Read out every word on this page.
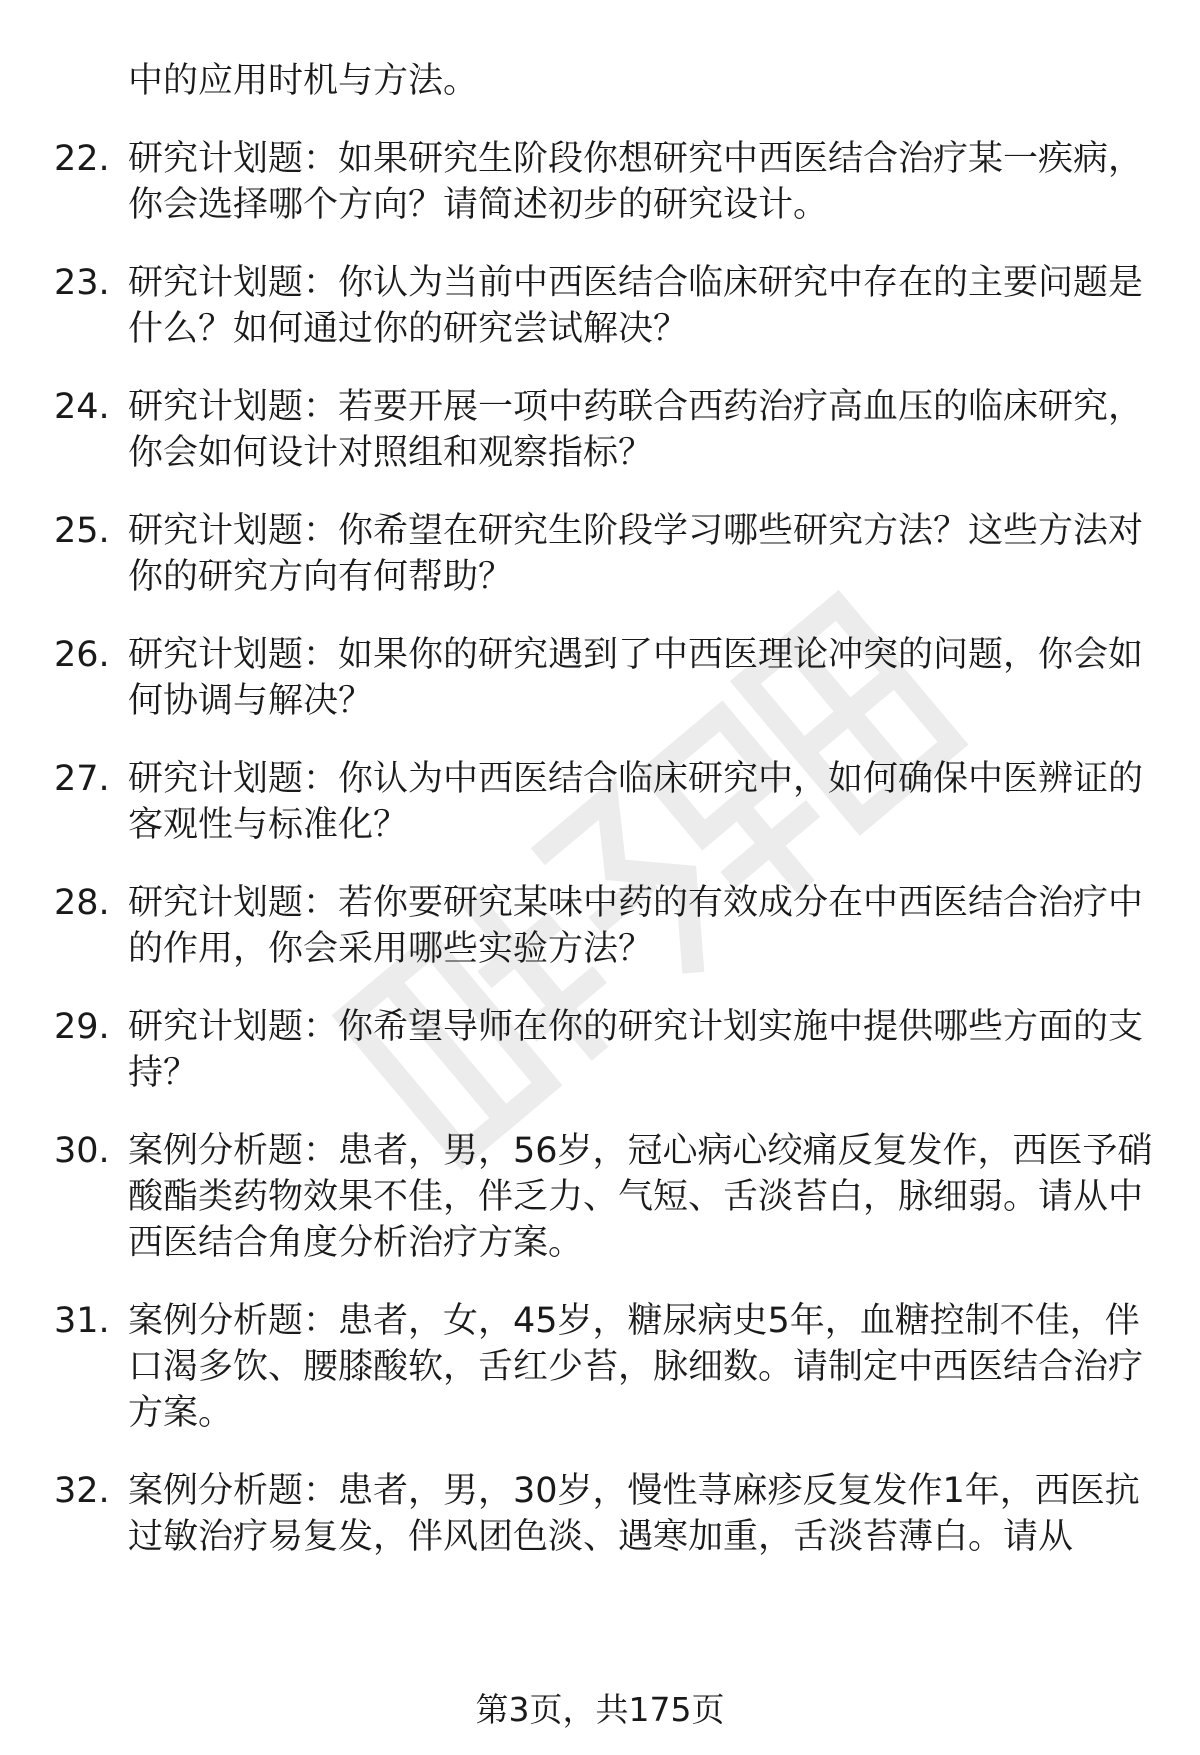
中的应用时机与方法。
22. 研究计划题：如果研究生阶段你想研究中西医结合治疗某一疾病，你会选择哪个方向？请简述初步的研究设计。
23. 研究计划题：你认为当前中西医结合临床研究中存在的主要问题是什么？如何通过你的研究尝试解决？
24. 研究计划题：若要开展一项中药联合西药治疗高血压的临床研究，你会如何设计对照组和观察指标？
25. 研究计划题：你希望在研究生阶段学习哪些研究方法？这些方法对你的研究方向有何帮助？
26. 研究计划题：如果你的研究遇到了中西医理论冲突的问题，你会如何协调与解决？
27. 研究计划题：你认为中西医结合临床研究中，如何确保中医辨证的客观性与标准化？
28. 研究计划题：若你要研究某味中药的有效成分在中西医结合治疗中的作用，你会采用哪些实验方法？
29. 研究计划题：你希望导师在你的研究计划实施中提供哪些方面的支持？
30. 案例分析题：患者，男，56岁，冠心病心绞痛反复发作，西医予硝酸酯类药物效果不佳，伴乏力、气短、舌淡苔白，脉细弱。请从中西医结合角度分析治疗方案。
31. 案例分析题：患者，女，45岁，糖尿病史5年，血糖控制不佳，伴口渴多饮、腰膝酸软，舌红少苔，脉细数。请制定中西医结合治疗方案。
32. 案例分析题：患者，男，30岁，慢性荨麻疹反复发作1年，西医抗过敏治疗易复发，伴风团色淡、遇寒加重，舌淡苔薄白。请从
第3页，共175页
